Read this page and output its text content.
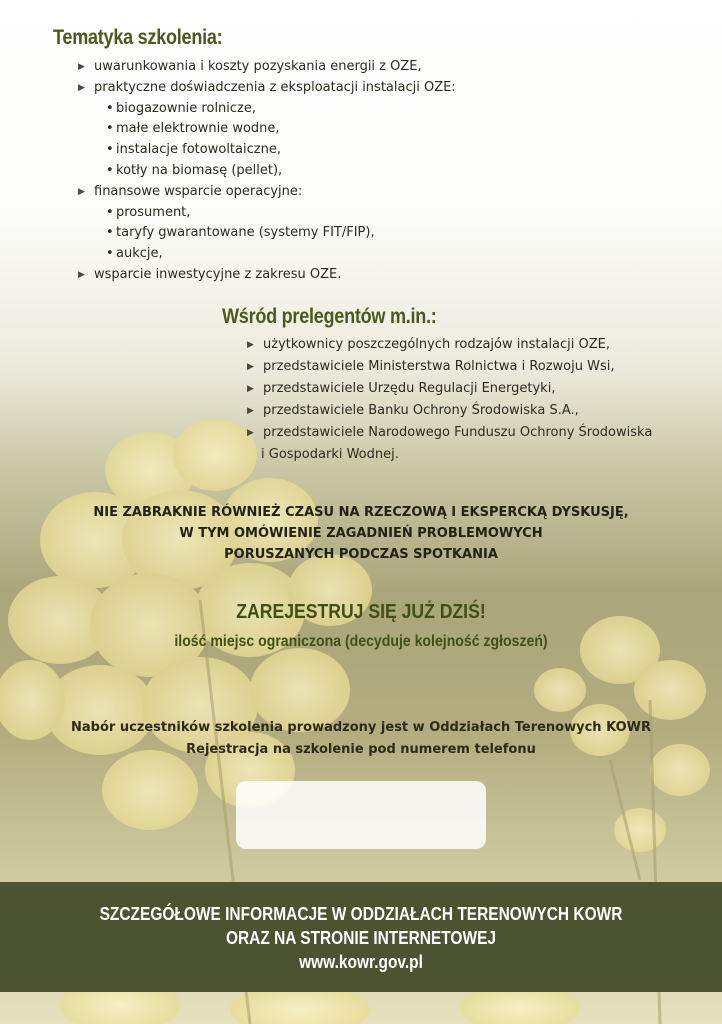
Tematyka szkolenia:
▶ uwarunkowania i koszty pozyskania energii z OZE,
▶ praktyczne doświadczenia z eksploatacji instalacji OZE:
• biogazownie rolnicze,
• małe elektrownie wodne,
• instalacje fotowoltaiczne,
• kotły na biomasę (pellet),
▶ finansowe wsparcie operacyjne:
• prosument,
• taryfy gwarantowane (systemy FIT/FIP),
• aukcje,
▶ wsparcie inwestycyjne z zakresu OZE.
Wśród prelegentów m.in.:
▶ użytkownicy poszczególnych rodzajów instalacji OZE,
▶ przedstawiciele Ministerstwa Rolnictwa i Rozwoju Wsi,
▶ przedstawiciele Urzędu Regulacji Energetyki,
▶ przedstawiciele Banku Ochrony Środowiska S.A.,
▶ przedstawiciele Narodowego Funduszu Ochrony Środowiska
i Gospodarki Wodnej.
NIE ZABRAKNIE RÓWNIEŻ CZASU NA RZECZOWĄ I EKSPERCKĄ DYSKUSJĘ,
W TYM OMÓWIENIE ZAGADNIEŃ PROBLEMOWYCH
PORUSZANYCH PODCZAS SPOTKANIA
ZAREJESTRUJ SIĘ JUŻ DZIŚ!
ilość miejsc ograniczona (decyduje kolejność zgłoszeń)
Nabór uczestników szkolenia prowadzony jest w Oddziałach Terenowych KOWR
Rejestracja na szkolenie pod numerem telefonu
SZCZEGÓŁOWE INFORMACJE W ODDZIAŁACH TERENOWYCH KOWR
ORAZ NA STRONIE INTERNETOWEJ
www.kowr.gov.pl
